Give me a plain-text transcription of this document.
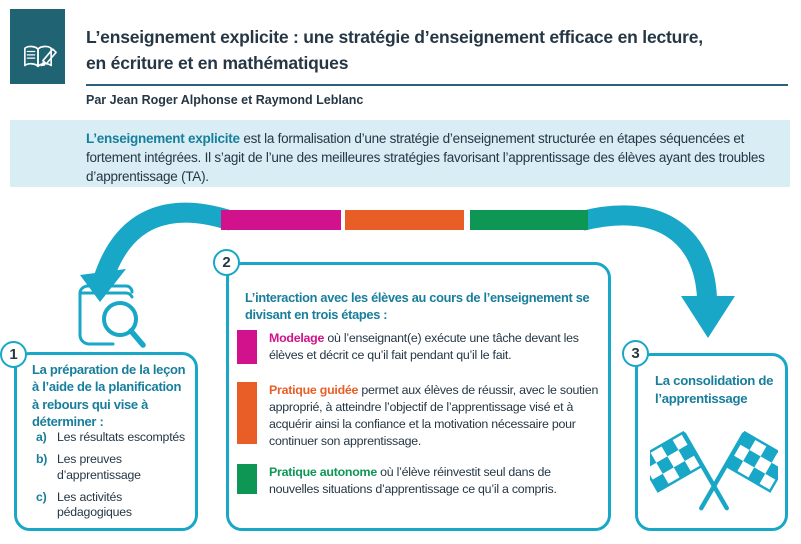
L’enseignement explicite : une stratégie d’enseignement efficace en lecture,
en écriture et en mathématiques
Par Jean Roger Alphonse et Raymond Leblanc
L’enseignement explicite est la formalisation d’une stratégie d’enseignement structurée en étapes séquencées et fortement intégrées. Il s’agit de l’une des meilleures stratégies favorisant l’apprentissage des élèves ayant des troubles d’apprentissage (TA).
1
2
3
La préparation de la leçon à l’aide de la planification à rebours qui vise à déterminer :
L’interaction avec les élèves au cours de l’enseignement se divisant en trois étapes :
La consolidation de l’apprentissage
a) Les résultats escomptés
b) Les preuves d’apprentissage
c) Les activités pédagogiques
Modelage où l’enseignant(e) exécute une tâche devant les élèves et décrit ce qu’il fait pendant qu’il le fait.
Pratique guidée permet aux élèves de réussir, avec le soutien approprié, à atteindre l’objectif de l’apprentissage visé et à acquérir ainsi la confiance et la motivation nécessaire pour continuer son apprentissage.
Pratique autonome où l’élève réinvestit seul dans de nouvelles situations d’apprentissage ce qu’il a compris.
